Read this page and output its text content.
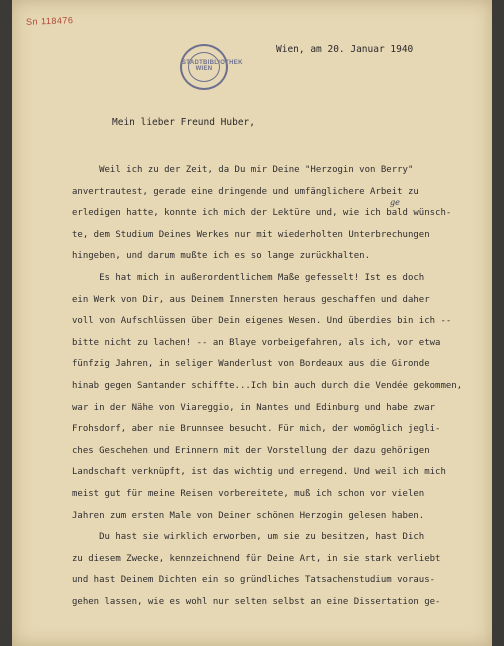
Sn 118476
STADTBIBLIOTHEK WIEN
Wien, am 20. Januar 1940
Mein lieber Freund Huber,
ge
Weil ich zu der Zeit, da Du mir Deine "Herzogin von Berry"
anvertrautest, gerade eine dringende und umfänglichere Arbeit zu
erledigen hatte, konnte ich mich der Lektüre und, wie ich bald wünsch-
te, dem Studium Deines Werkes nur mit wiederholten Unterbrechungen
hingeben, und darum mußte ich es so lange zurückhalten.
Es hat mich in außerordentlichem Maße gefesselt! Ist es doch
ein Werk von Dir, aus Deinem Innersten heraus geschaffen und daher
voll von Aufschlüssen über Dein eigenes Wesen. Und überdies bin ich --
bitte nicht zu lachen! -- an Blaye vorbeigefahren, als ich, vor etwa
fünfzig Jahren, in seliger Wanderlust von Bordeaux aus die Gironde
hinab gegen Santander schiffte...Ich bin auch durch die Vendée gekommen,
war in der Nähe von Viareggio, in Nantes und Edinburg und habe zwar
Frohsdorf, aber nie Brunnsee besucht. Für mich, der womöglich jegli-
ches Geschehen und Erinnern mit der Vorstellung der dazu gehörigen
Landschaft verknüpft, ist das wichtig und erregend. Und weil ich mich
meist gut für meine Reisen vorbereitete, muß ich schon vor vielen
Jahren zum ersten Male von Deiner schönen Herzogin gelesen haben.
Du hast sie wirklich erworben, um sie zu besitzen, hast Dich
zu diesem Zwecke, kennzeichnend für Deine Art, in sie stark verliebt
und hast Deinem Dichten ein so gründliches Tatsachenstudium voraus-
gehen lassen, wie es wohl nur selten selbst an eine Dissertation ge-
